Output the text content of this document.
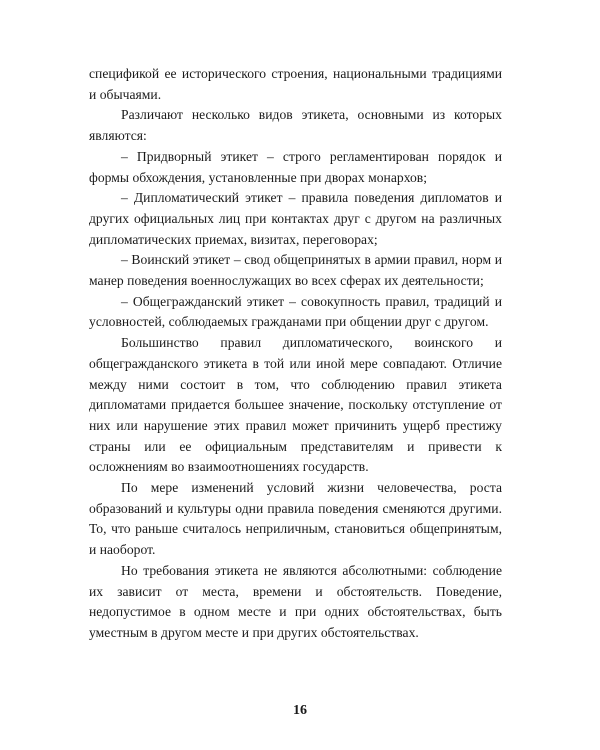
спецификой ее исторического строения, национальными традициями и обычаями.

Различают несколько видов этикета, основными из которых являются:

– Придворный этикет – строго регламентирован порядок и формы обхождения, установленные при дворах монархов;

– Дипломатический этикет – правила поведения дипломатов и других официальных лиц при контактах друг с другом на различных дипломатических приемах, визитах, переговорах;

– Воинский этикет – свод общепринятых в армии правил, норм и манер поведения военнослужащих во всех сферах их деятельности;

– Общегражданский этикет – совокупность правил, традиций и условностей, соблюдаемых гражданами при общении друг с другом.

Большинство правил дипломатического, воинского и общегражданского этикета в той или иной мере совпадают. Отличие между ними состоит в том, что соблюдению правил этикета дипломатами придается большее значение, поскольку отступление от них или нарушение этих правил может причинить ущерб престижу страны или ее официальным представителям и привести к осложнениям во взаимоотношениях государств.

По мере изменений условий жизни человечества, роста образований и культуры одни правила поведения сменяются другими. То, что раньше считалось неприличным, становиться общепринятым, и наоборот.

Но требования этикета не являются абсолютными: соблюдение их зависит от места, времени и обстоятельств. Поведение, недопустимое в одном месте и при одних обстоятельствах, быть уместным в другом месте и при других обстоятельствах.

16
